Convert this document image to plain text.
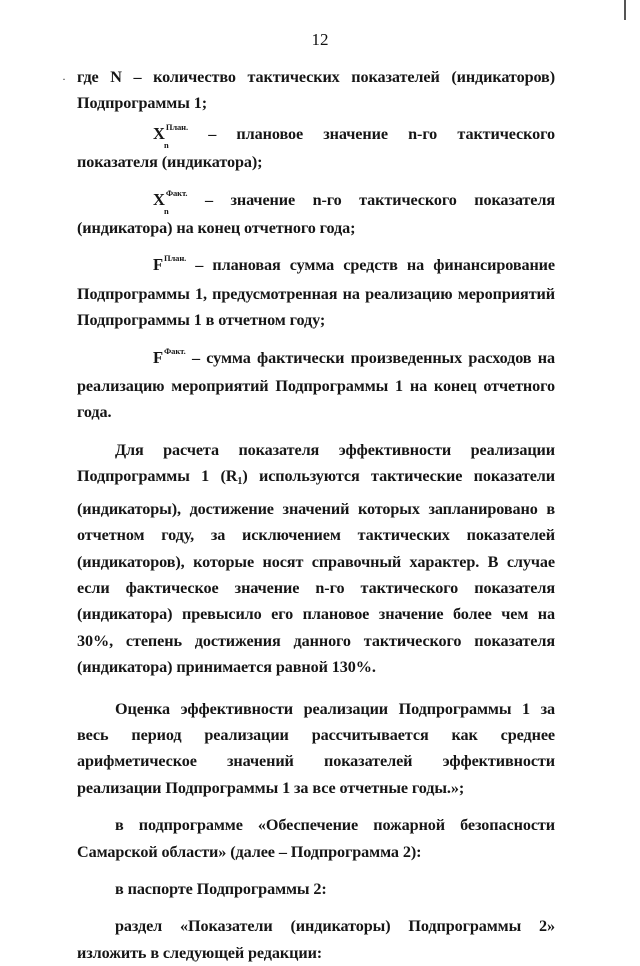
·
12

где N – количество тактических показателей (индикаторов) Подпрограммы 1;

$X^{План.}$
n
– плановое значение n-го тактического показателя (индикатора);

$X^{Факт.}$
n
– значение n-го тактического показателя (индикатора) на конец отчетного года;

$F^{План.}$ – плановая сумма средств на финансирование Подпрограммы 1, предусмотренная на реализацию мероприятий Подпрограммы 1 в отчетном году;

$F^{Факт.}$ – сумма фактически произведенных расходов на реализацию мероприятий Подпрограммы 1 на конец отчетного года.

Для расчета показателя эффективности реализации Подпрограммы 1 (R1) используются тактические показатели (индикаторы), достижение значений которых запланировано в отчетном году, за исключением тактических показателей (индикаторов), которые носят справочный характер. В случае если фактическое значение n-го тактического показателя (индикатора) превысило его плановое значение более чем на 30%, степень достижения данного тактического показателя (индикатора) принимается равной 130%.

Оценка эффективности реализации Подпрограммы 1 за весь период реализации рассчитывается как среднее арифметическое значений показателей эффективности реализации Подпрограммы 1 за все отчетные годы.»;

в подпрограмме «Обеспечение пожарной безопасности Самарской области» (далее – Подпрограмма 2):

в паспорте Подпрограммы 2:

раздел «Показатели (индикаторы) Подпрограммы 2» изложить в следующей редакции:
